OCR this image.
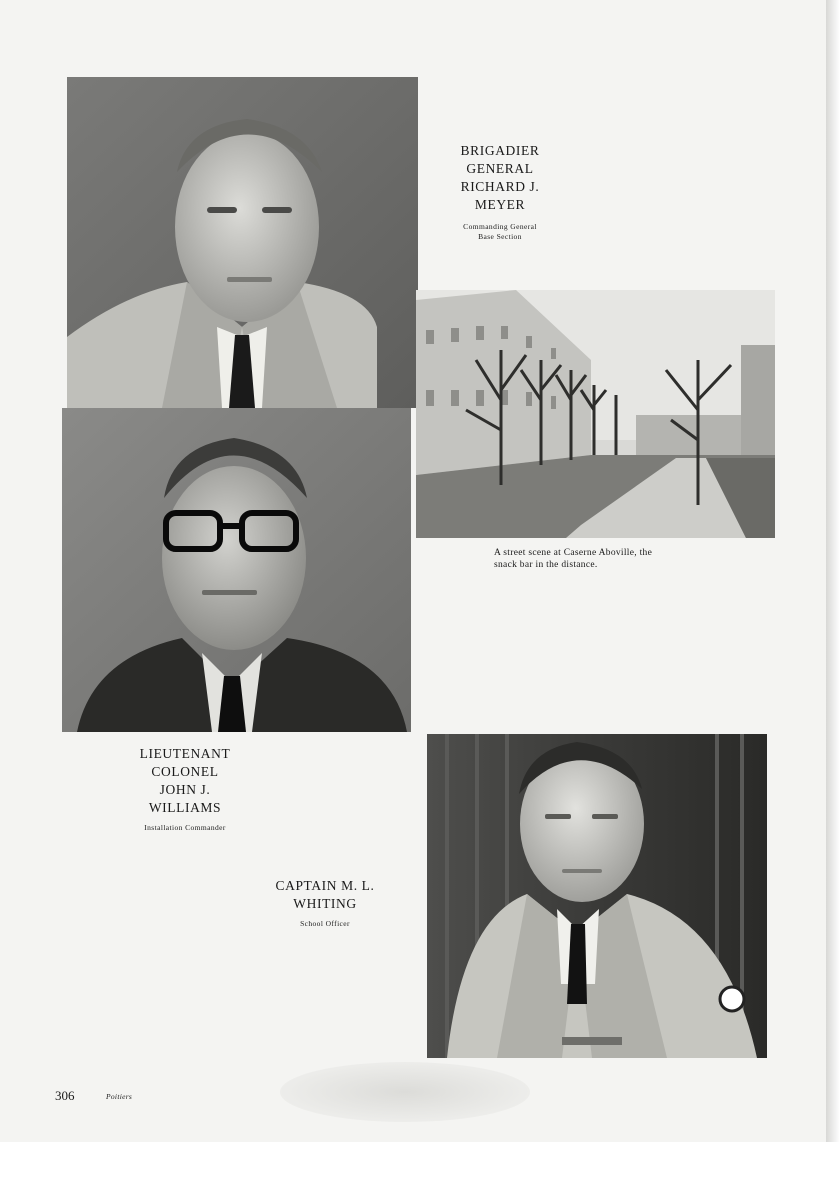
BRIGADIER
GENERAL
RICHARD J.
MEYER
Commanding General
Base Section
A street scene at Caserne Aboville, the
snack bar in the distance.
LIEUTENANT
COLONEL
JOHN J.
WILLIAMS
Installation Commander
CAPTAIN M. L.
WHITING
School Officer
306	Poitiers
